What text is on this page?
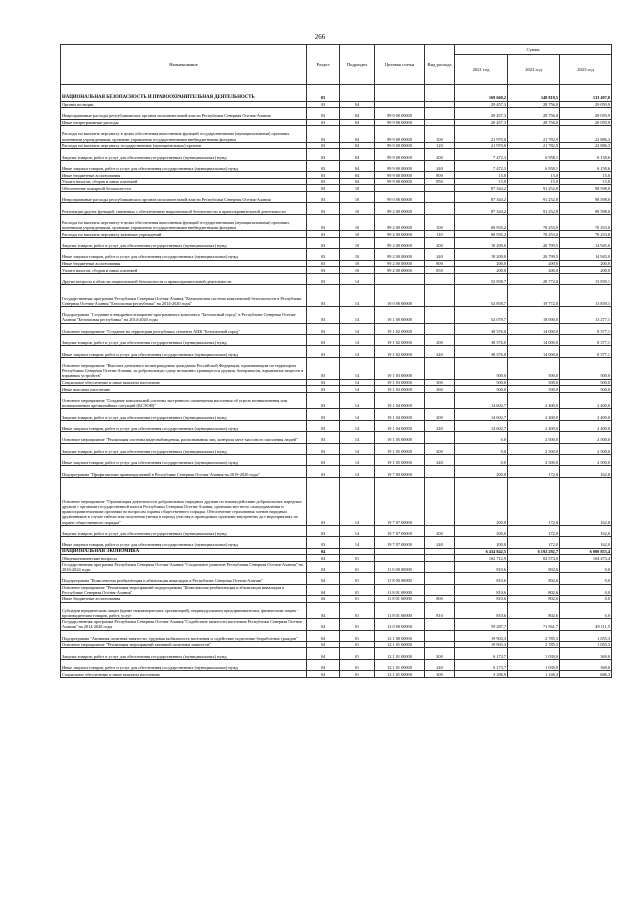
266
Наименование	Раздел	Подраздел	Целевая статья	Вид расхода	Сумма		
					2021 год	2022 год	2023 год
НАЦИОНАЛЬНАЯ БЕЗОПАСНОСТЬ И ПРАВООХРАНИТЕЛЬНАЯ ДЕЯТЕЛЬНОСТЬ	03				169 660,2	148 818,5	133 407,0
Органы юстиции	03	04			29 457,3	28 756,0	29 059,9
Непрограммные расходы республиканских органов исполнительной власти Республики Северная Осетия-Алания	03	04	99 0 00 00000		29 457,3	28 756,0	29 059,9
Иные непрограммные расходы	03	04	99 9 00 00000		29 457,3	28 756,0	29 059,9
Расходы на выплаты персоналу в целях обеспечения выполнения функций государственными (муниципальными) органами, казенными учреждениями, органами управления государственными внебюджетными фондами	03	04	99 9 00 00000	100	21 970,0	21 782,9	22 886,3
Расходы на выплаты персоналу государственных (муниципальных) органов	03	04	99 9 00 00000	120	21 970,0	21 782,9	22 886,3
Закупка товаров, работ и услуг для обеспечения государственных (муниципальных) нужд	03	04	99 9 00 00000	200	7 472,3	6 958,1	6 158,6
Иные закупки товаров, работ и услуг для обеспечения государственных (муниципальных) нужд	03	04	99 9 00 00000	240	7 472,3	6 958,1	6 158,6
Иные бюджетные ассигнования	03	04	99 9 00 00000	800	15,0	15,0	15,0
Уплата налогов, сборов и иных платежей	03	04	99 9 00 00000	850	15,0	15,0	15,0
Обеспечение пожарной безопасности	03	10			87 344,2	91 252,8	98 598,0
Непрограммные расходы республиканских органов исполнительной власти Республики Северная Осетия-Алания	03	10	99 0 00 00000		87 344,2	91 252,8	98 598,0
Реализация других функций, связанных с обеспечением национальной безопасности и правоохранительной деятельности	03	10	99 2 00 00000		87 344,2	91 252,8	98 598,0
Расходы на выплаты персоналу в целях обеспечения выполнения функций государственными (муниципальными) органами, казенными учреждениями, органами управления государственными внебюджетными фондами	03	10	99 2 00 00000	100	68 935,2	70 253,0	70 253,0
Расходы на выплаты персоналу казенных учреждений	03	10	99 2 00 00000	110	68 935,2	70 253,0	70 253,0
Закупка товаров, работ и услуг для обеспечения государственных (муниципальных) нужд	03	10	99 2 00 00000	200	18 209,0	20 799,5	14 945,0
Иные закупки товаров, работ и услуг для обеспечения государственных (муниципальных) нужд	03	10	99 2 00 00000	240	18 209,0	20 799,5	14 945,0
Иные бюджетные ассигнования	03	10	99 2 00 00000	800	200,0	200,0	200,0
Уплата налогов, сборов и иных платежей	03	10	99 2 00 00000	850	200,0	200,0	200,0
Другие вопросы в области национальной безопасности и правоохранительной деятельности	03	14			52 858,7	28 772,0	13 839,1
Государственная программа Республики Северная Осетия-Алания "Комплексная система комплексной безопасности в Республике Северная Осетия-Алания "Безопасная республика" на 2014-2020 годы"	03	14	19 0 00 00000		52 858,7	19 772,0	13 839,1
Подпрограмма "Создание и внедрение аппаратно-программного комплекса "Безопасный город" в Республике Северная Осетия-Алания "Безопасная республика" на 2014-2020 годы	03	14	19 1 00 00000		52 078,7	18 000,0	13 277,1
Основное мероприятие "Создание на территории республики сегмента АПК "Безопасный город"	03	14	19 1 02 00000		38 576,0	14 000,0	8 377,1
Закупка товаров, работ и услуг для обеспечения государственных (муниципальных) нужд	03	14	19 1 02 00000	200	38 576,0	14 000,0	8 377,1
Иные закупки товаров, работ и услуг для обеспечения государственных (муниципальных) нужд	03	14	19 1 02 00000	240	38 576,0	14 000,0	8 377,1
Основное мероприятие "Выплата денежного вознаграждения гражданам Российской Федерации, проживающим на территории Республики Северная Осетия-Алания, за добровольную сдачу незаконно хранящегося оружия, боеприпасов, взрывчатых веществ и взрывных устройств"	03	14	19 1 03 00000		500,0	500,0	500,0
Социальное обеспечение и иные выплаты населению	03	14	19 1 03 00000	300	500,0	500,0	500,0
Иные выплаты населению	03	14	19 1 03 00000	360	500,0	500,0	500,0
Основное мероприятие "Создание комплексной системы экстренного оповещения населения об угрозе возникновения или возникновении чрезвычайных ситуаций (КСЭОН)"	03	14	19 1 04 00000		14 602,7	2 400,0	2 400,0
Закупка товаров, работ и услуг для обеспечения государственных (муниципальных) нужд	03	14	19 1 04 00000	200	14 602,7	2 400,0	2 400,0
Иные закупки товаров, работ и услуг для обеспечения государственных (муниципальных) нужд	03	14	19 1 04 00000	240	14 602,7	2 400,0	2 400,0
Основное мероприятие "Реализация системы видеонаблюдения, распознавания лиц, контроля мест массового скопления людей"	03	14	19 1 05 00000		0,0	2 500,0	2 500,0
Закупка товаров, работ и услуг для обеспечения государственных (муниципальных) нужд	03	14	19 1 05 00000	200	0,0	2 500,0	2 500,0
Иные закупки товаров, работ и услуг для обеспечения государственных (муниципальных) нужд	03	14	19 1 05 00000	240	0,0	2 500,0	2 500,0
Подпрограмма "Профилактика правонарушений в Республике Северная Осетия-Алания на 2019-2020 годы"	03	14	19 7 00 00000		200,0	172,0	162,0
Основное мероприятие "Организация деятельности добровольных народных дружин по взаимодействию добровольных народных дружин с органами государственной власти Республики Северная Осетия-Алания, органами местного самоуправления и правоохранительными органами по вопросам охраны общественного порядка. Обеспечение страхования членов народных дружинников в случае гибели или получения увечья в период участия в проводимых органами внутренних дел мероприятиях по охране общественного порядка"	03	14	19 7 07 00000		200,0	172,0	162,0
Закупка товаров, работ и услуг для обеспечения государственных (муниципальных) нужд	03	14	19 7 07 00000	200	200,0	172,0	162,0
Иные закупки товаров, работ и услуг для обеспечения государственных (муниципальных) нужд	03	14	19 7 07 00000	240	200,0	172,0	162,0
НАЦИОНАЛЬНАЯ ЭКОНОМИКА	04				6 434 842,5	6 192 292,7	6 080 853,4
Общеэкономические вопросы	04	01			102 712,9	82 574,0	104 473,4
Государственная программа Республики Северная Осетия-Алания "Социальное развитие Республики Северная Осетия-Алания" на 2016-2024 годы	04	01	11 0 00 00000		810,6	802,6	0,0
Подпрограмма "Комплексная реабилитация и абилитация инвалидов в Республике Северная Осетия-Алания"	04	01	11 8 00 00000		810,6	802,6	0,0
Основное мероприятие "Реализация мероприятий подпрограммы "Комплексная реабилитация и абилитация инвалидов в Республике Северная Осетия-Алания"	04	01	11 8 01 00000		810,6	802,6	0,0
Иные бюджетные ассигнования	04	01	11 8 01 00000	800	810,6	802,6	0,0
Субсидии юридическим лицам (кроме некоммерческих организаций), индивидуальным предпринимателям, физическим лицам - производителям товаров, работ, услуг	04	01	11 8 01 00000	810	810,6	802,6	0,0
Государственная программа Республики Северная Осетия-Алания "Содействие занятости населения Республики Северная Осетия-Алания" на 2014-2020 годы	04	01	12 0 00 00000		59 287,7	71 561,7	48 111,5
Подпрограмма "Активная политика занятости, трудовая мобильность населения и содействие подготовке безработных граждан"	04	01	12 1 00 00000		19 903,3	2 785,3	1 055,3
Основное мероприятие "Реализация мероприятий активной политики занятости"	04	01	12 1 01 00000		19 903,3	2 785,3	1 055,3
Закупка товаров, работ и услуг для обеспечения государственных (муниципальных) нужд	04	01	12 1 01 00000	200	6 173,7	1 039,0	369,0
Иные закупки товаров, работ и услуг для обеспечения государственных (муниципальных) нужд	04	01	12 1 01 00000	240	6 173,7	1 039,0	369,0
Социальное обеспечение и иные выплаты населению	04	01	12 1 01 00000	300	3 296,9	1 146,3	686,3
